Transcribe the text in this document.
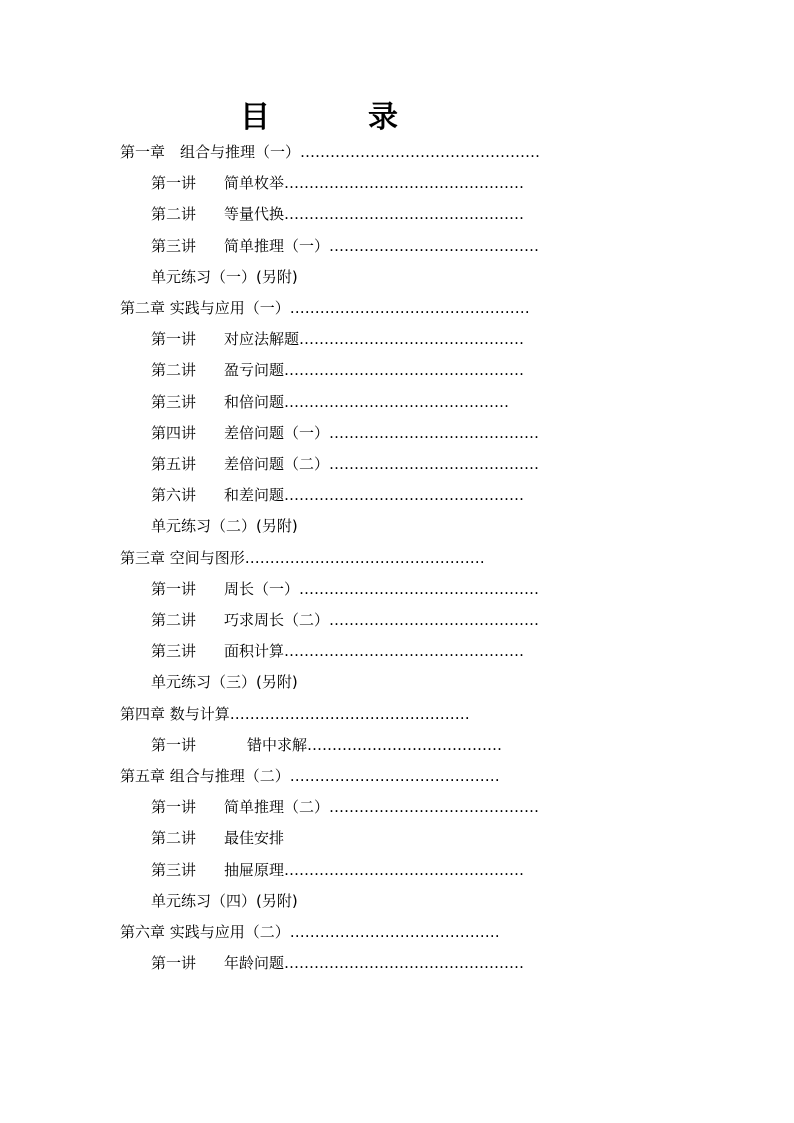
目	录
第一章　组合与推理（一）…………………………………………
第一讲 简单枚举…………………………………………
第二讲 等量代换…………………………………………
第三讲 简单推理（一）……………………………………
单元练习（一）(另附)
第二章 实践与应用（一）…………………………………………
第一讲 对应法解题………………………………………
第二讲 盈亏问题…………………………………………
第三讲 和倍问题………………………………………
第四讲 差倍问题（一）……………………………………
第五讲 差倍问题（二）……………………………………
第六讲 和差问题…………………………………………
单元练习（二）(另附)
第三章 空间与图形…………………………………………
第一讲 周长（一）…………………………………………
第二讲 巧求周长（二）……………………………………
第三讲 面积计算…………………………………………
单元练习（三）(另附)
第四章 数与计算…………………………………………
第一讲	错中求解…………………………………
第五章 组合与推理（二）……………………………………
第一讲 简单推理（二）……………………………………
第二讲 最佳安排
第三讲 抽屉原理…………………………………………
单元练习（四）(另附)
第六章 实践与应用（二）……………………………………
第一讲 年龄问题…………………………………………
